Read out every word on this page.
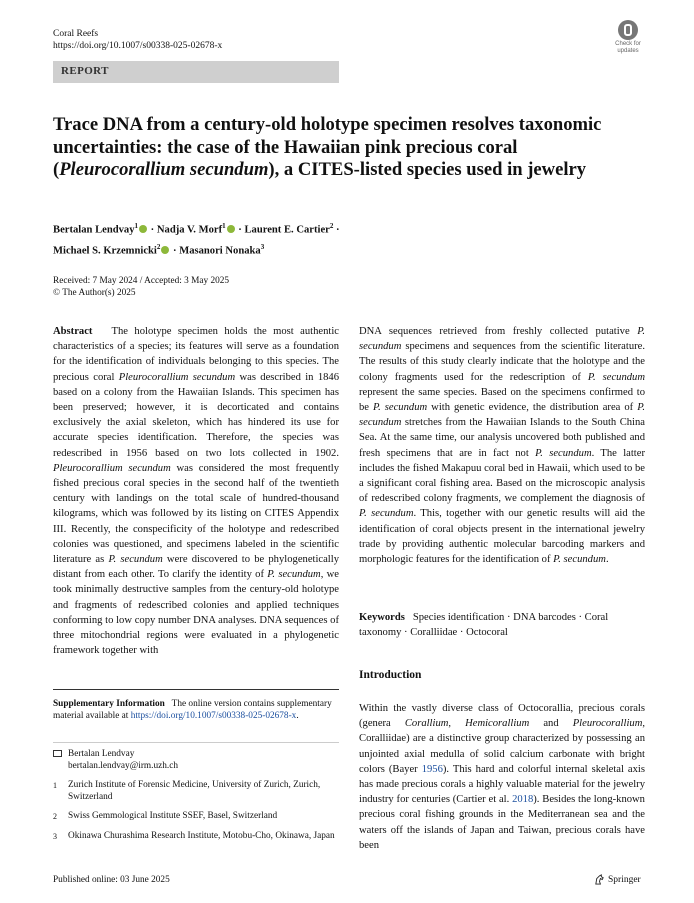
Coral Reefs
https://doi.org/10.1007/s00338-025-02678-x	Check for
updates
REPORT
Trace DNA from a century-old holotype specimen resolves taxonomic uncertainties: the case of the Hawaiian pink precious coral (Pleurocorallium secundum), a CITES-listed species used in jewelry
Bertalan Lendvay$^1$ · Nadja V. Morf$^1$ · Laurent E. Cartier$^2$ ·
Michael S. Krzemnicki$^2$ · Masanori Nonaka$^3$
Received: 7 May 2024 / Accepted: 3 May 2025
© The Author(s) 2025

Abstract The holotype specimen holds the most authentic characteristics of a species; its features will serve as a foundation for the identification of individuals belonging to this species. The precious coral Pleurocorallium secundum was described in 1846 based on a colony from the Hawaiian Islands. This specimen has been preserved; however, it is decorticated and contains exclusively the axial skeleton, which has hindered its use for accurate species identification. Therefore, the species was redescribed in 1956 based on two lots collected in 1902. Pleurocorallium secundum was considered the most frequently fished precious coral species in the second half of the twentieth century with landings on the total scale of hundred-thousand kilograms, which was followed by its listing on CITES Appendix III. Recently, the conspecificity of the holotype and redescribed colonies was questioned, and specimens labeled in the scientific literature as P. secundum were discovered to be phylogenetically distant from each other. To clarify the identity of P. secundum, we took minimally destructive samples from the century-old holotype and fragments of redescribed colonies and applied techniques conforming to low copy number DNA analyses. DNA sequences of three mitochondrial regions were evaluated in a phylogenetic framework together with

DNA sequences retrieved from freshly collected putative P. secundum specimens and sequences from the scientific literature. The results of this study clearly indicate that the holotype and the colony fragments used for the redescription of P. secundum represent the same species. Based on the specimens confirmed to be P. secundum with genetic evidence, the distribution area of P. secundum stretches from the Hawaiian Islands to the South China Sea. At the same time, our analysis uncovered both published and fresh specimens that are in fact not P. secundum. The latter includes the fished Makapuu coral bed in Hawaii, which used to be a significant coral fishing area. Based on the microscopic analysis of redescribed colony fragments, we complement the diagnosis of P. secundum. This, together with our genetic results will aid the identification of coral objects present in the international jewelry trade by providing authentic molecular barcoding markers and morphologic features for the identification of P. secundum.

Keywords Species identification · DNA barcodes · Coral taxonomy · Coralliidae · Octocoral
Introduction
Within the vastly diverse class of Octocorallia, precious corals (genera Corallium, Hemicorallium and Pleurocorallium, Coralliidae) are a distinctive group characterized by possessing an unjointed axial medulla of solid calcium carbonate with bright colors (Bayer 1956). This hard and colorful internal skeletal axis has made precious corals a highly valuable material for the jewelry industry for centuries (Cartier et al. 2018). Besides the long-known precious coral fishing grounds in the Mediterranean sea and the waters off the islands of Japan and Taiwan, precious corals have been
Supplementary Information The online version contains supplementary material available at https://doi.org/10.1007/s00338-025-02678-x.
Bertalan Lendvay
bertalan.lendvay@irm.uzh.ch
1	Zurich Institute of Forensic Medicine, University of Zurich, Zurich, Switzerland
2	Swiss Gemmological Institute SSEF, Basel, Switzerland
3	Okinawa Churashima Research Institute, Motobu-Cho, Okinawa, Japan
Published online: 03 June 2025	Springer
